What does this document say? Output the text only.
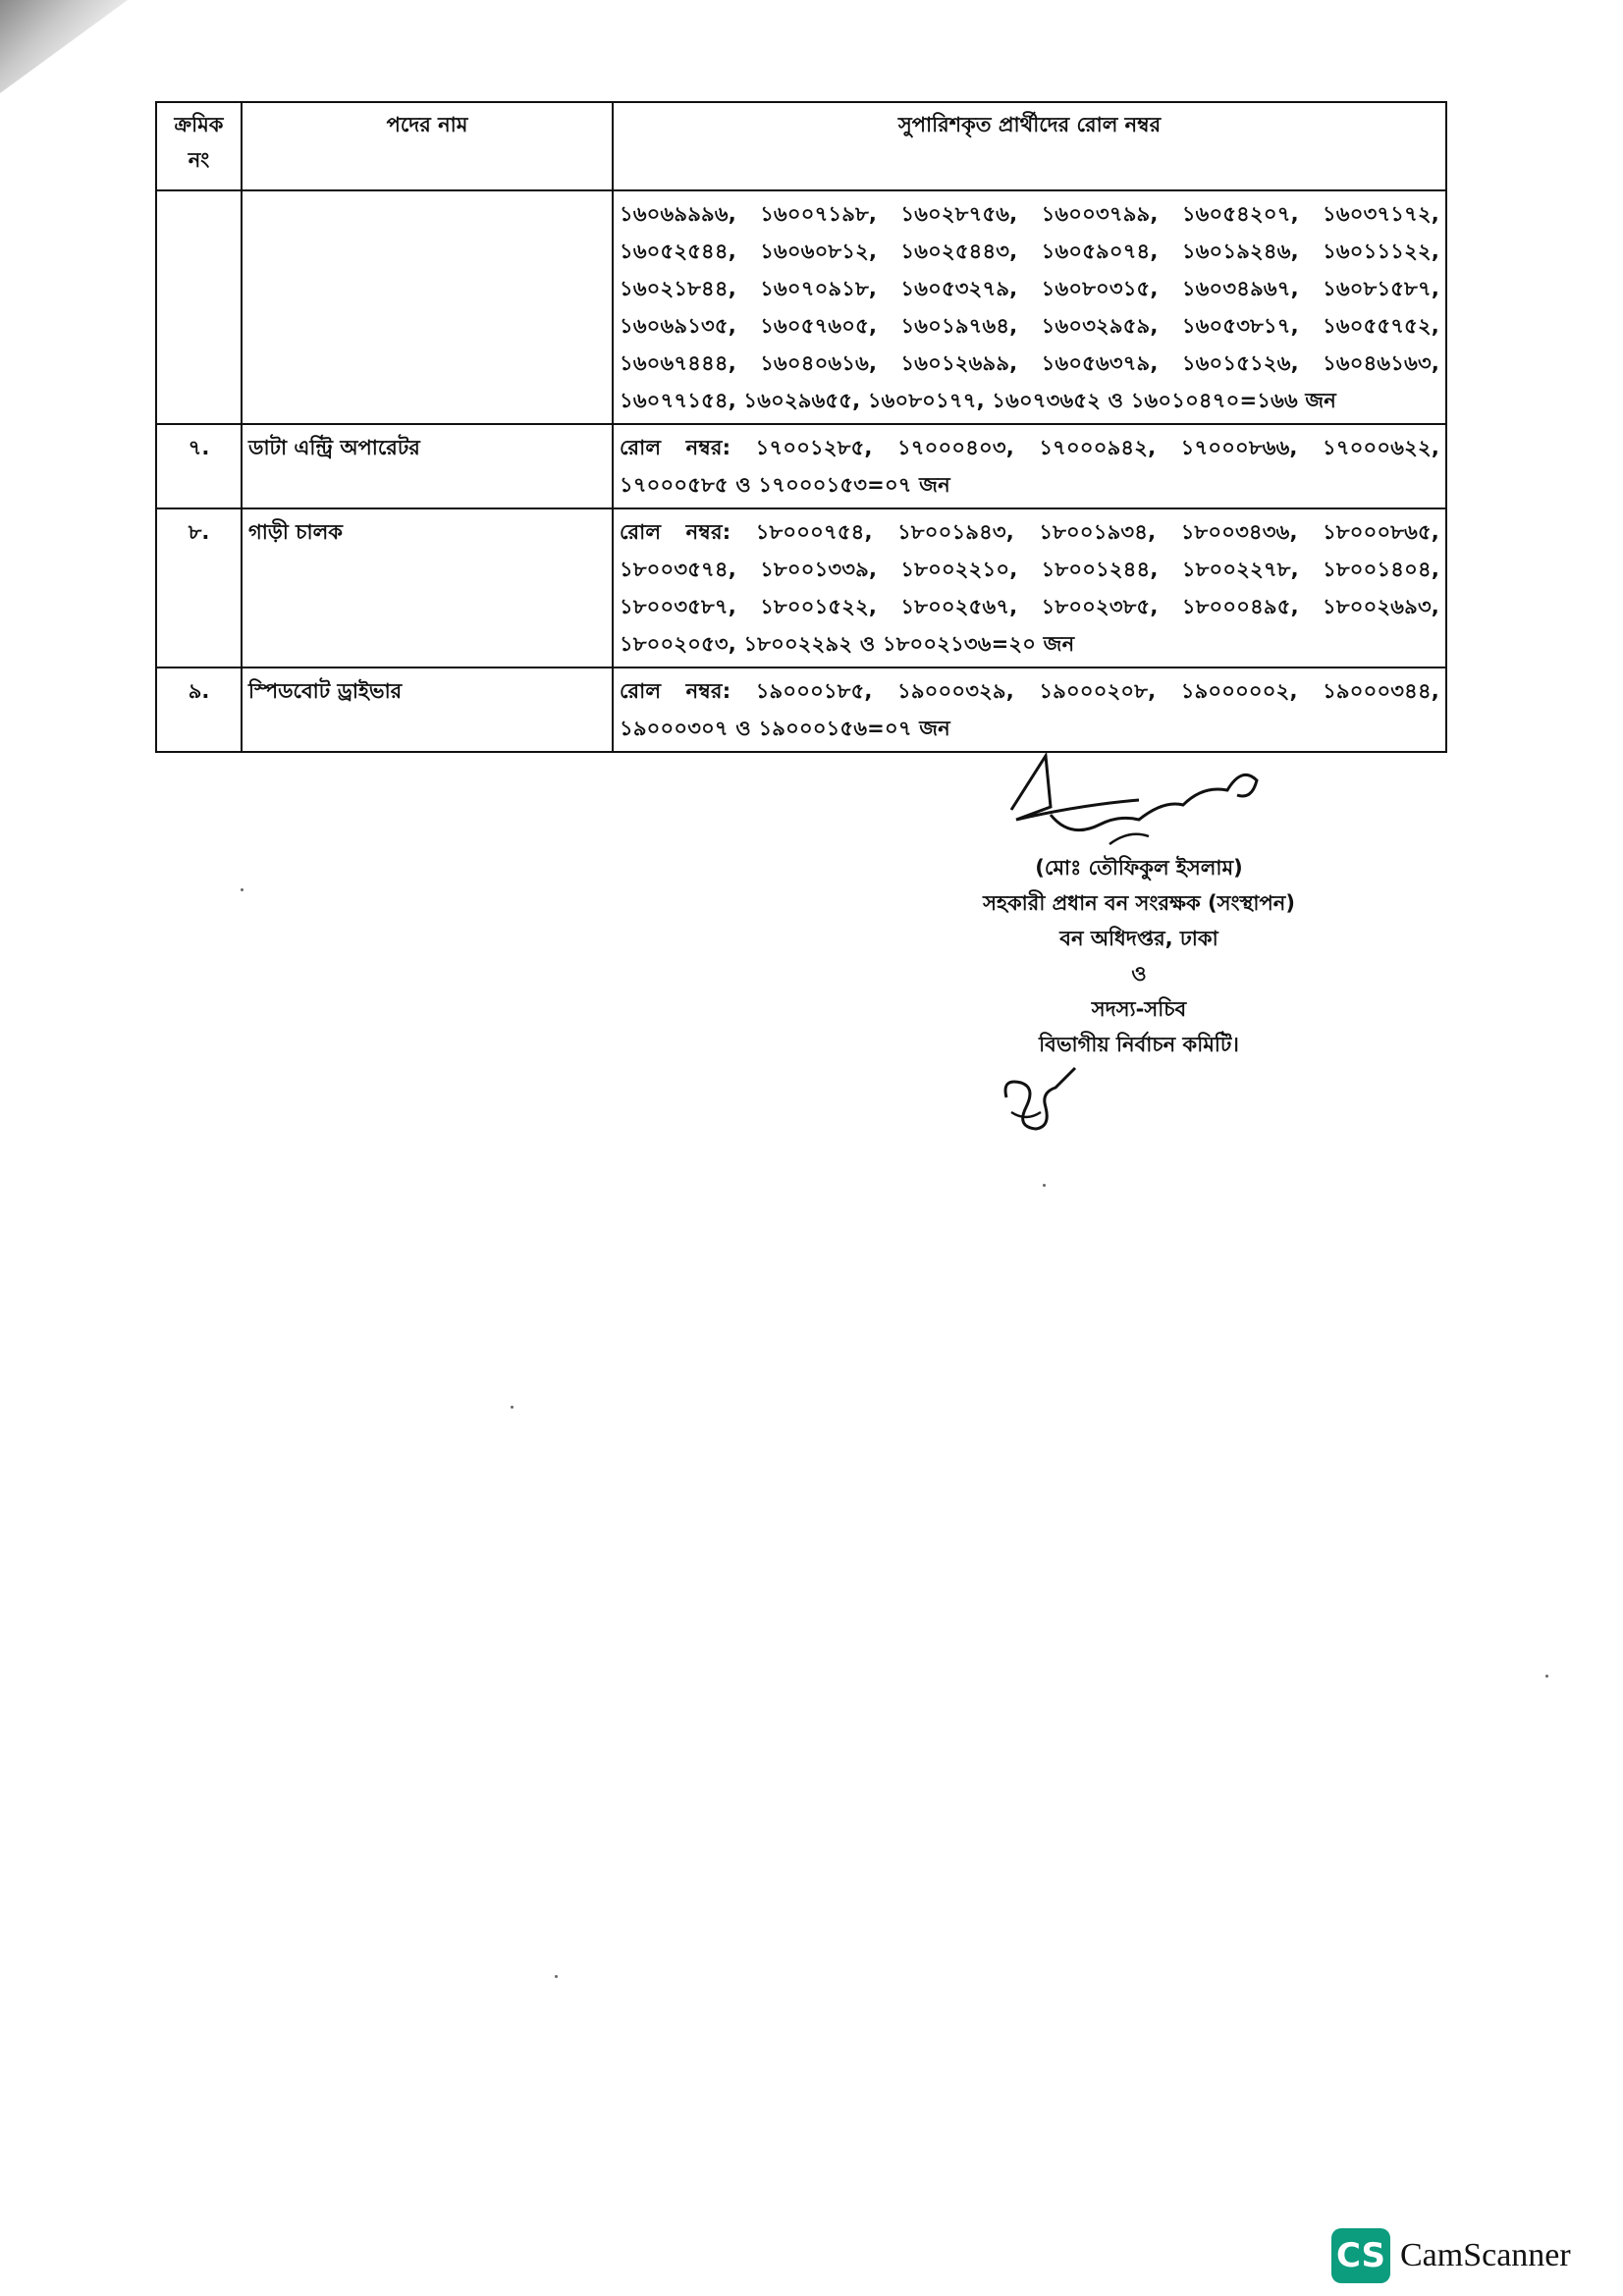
ক্রমিক নং	পদের নাম	সুপারিশকৃত প্রার্থীদের রোল নম্বর
		১৬০৬৯৯৯৬, ১৬০০৭১৯৮, ১৬০২৮৭৫৬, ১৬০০৩৭৯৯, ১৬০৫৪২০৭, ১৬০৩৭১৭২, ১৬০৫২৫৪৪, ১৬০৬০৮১২, ১৬০২৫৪৪৩, ১৬০৫৯০৭৪, ১৬০১৯২৪৬, ১৬০১১১২২, ১৬০২১৮৪৪, ১৬০৭০৯১৮, ১৬০৫৩২৭৯, ১৬০৮০৩১৫, ১৬০৩৪৯৬৭, ১৬০৮১৫৮৭, ১৬০৬৯১৩৫, ১৬০৫৭৬০৫, ১৬০১৯৭৬৪, ১৬০৩২৯৫৯, ১৬০৫৩৮১৭, ১৬০৫৫৭৫২, ১৬০৬৭৪৪৪, ১৬০৪০৬১৬, ১৬০১২৬৯৯, ১৬০৫৬৩৭৯, ১৬০১৫১২৬, ১৬০৪৬১৬৩, ১৬০৭৭১৫৪, ১৬০২৯৬৫৫, ১৬০৮০১৭৭, ১৬০৭৩৬৫২ ও ১৬০১০৪৭০=১৬৬ জন
৭.	ডাটা এন্ট্রি অপারেটর	রোল নম্বর: ১৭০০১২৮৫, ১৭০০০৪০৩, ১৭০০০৯৪২, ১৭০০০৮৬৬, ১৭০০০৬২২, ১৭০০০৫৮৫ ও ১৭০০০১৫৩=০৭ জন
৮.	গাড়ী চালক	রোল নম্বর: ১৮০০০৭৫৪, ১৮০০১৯৪৩, ১৮০০১৯৩৪, ১৮০০৩৪৩৬, ১৮০০০৮৬৫, ১৮০০৩৫৭৪, ১৮০০১৩৩৯, ১৮০০২২১০, ১৮০০১২৪৪, ১৮০০২২৭৮, ১৮০০১৪০৪, ১৮০০৩৫৮৭, ১৮০০১৫২২, ১৮০০২৫৬৭, ১৮০০২৩৮৫, ১৮০০০৪৯৫, ১৮০০২৬৯৩, ১৮০০২০৫৩, ১৮০০২২৯২ ও ১৮০০২১৩৬=২০ জন
৯.	স্পিডবোট ড্রাইভার	রোল নম্বর: ১৯০০০১৮৫, ১৯০০০৩২৯, ১৯০০০২০৮, ১৯০০০০০২, ১৯০০০৩৪৪, ১৯০০০৩০৭ ও ১৯০০০১৫৬=০৭ জন
(মোঃ তৌফিকুল ইসলাম)
সহকারী প্রধান বন সংরক্ষক (সংস্থাপন)
বন অধিদপ্তর, ঢাকা
ও
সদস্য-সচিব
বিভাগীয় নির্বাচন কমিটি।
CS CamScanner
